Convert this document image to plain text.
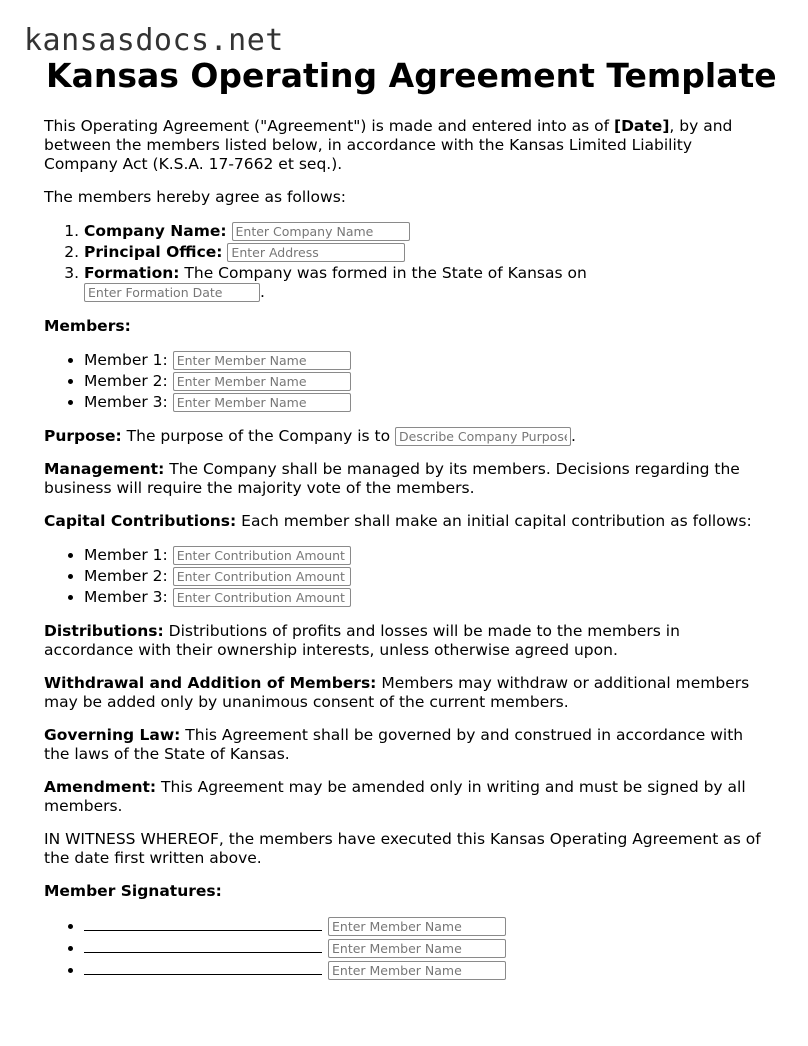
kansasdocs.net
Kansas Operating Agreement Template

This Operating Agreement ("Agreement") is made and entered into as of [Date], by and between the members listed below, in accordance with the Kansas Limited Liability Company Act (K.S.A. 17-7662 et seq.).

The members hereby agree as follows:

1. Company Name: Enter Company Name
2. Principal Office: Enter Address
3. Formation: The Company was formed in the State of Kansas on
Enter Formation Date.

Members:

• Member 1: Enter Member Name
• Member 2: Enter Member Name
• Member 3: Enter Member Name

Purpose: The purpose of the Company is to Describe Company Purpose	.

Management: The Company shall be managed by its members. Decisions regarding the business will require the majority vote of the members.

Capital Contributions: Each member shall make an initial capital contribution as follows:

• Member 1: Enter Contribution Amount
• Member 2: Enter Contribution Amount
• Member 3: Enter Contribution Amount

Distributions: Distributions of profits and losses will be made to the members in accordance with their ownership interests, unless otherwise agreed upon.

Withdrawal and Addition of Members: Members may withdraw or additional members may be added only by unanimous consent of the current members.

Governing Law: This Agreement shall be governed by and construed in accordance with the laws of the State of Kansas.

Amendment: This Agreement may be amended only in writing and must be signed by all members.

IN WITNESS WHEREOF, the members have executed this Kansas Operating Agreement as of the date first written above.

Member Signatures:

• Enter Member Name
• Enter Member Name
• Enter Member Name
